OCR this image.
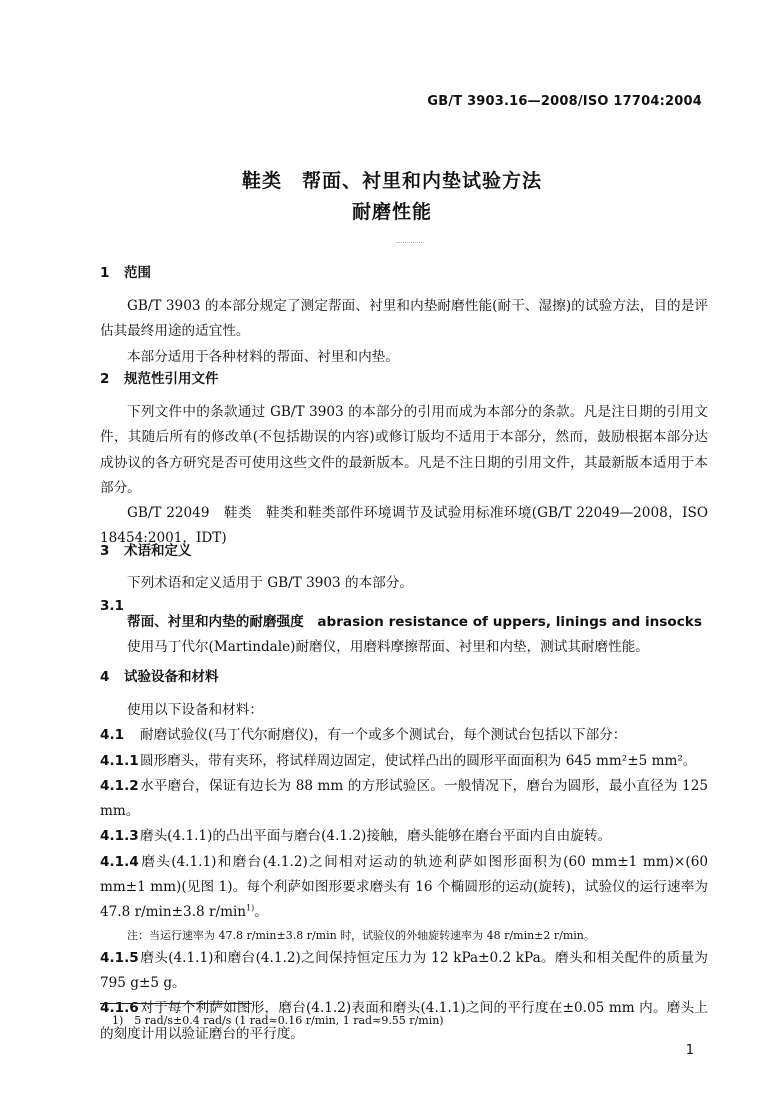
GB/T 3903.16—2008/ISO 17704:2004
鞋类　帮面、衬里和内垫试验方法
耐磨性能
1 范围

GB/T 3903 的本部分规定了测定帮面、衬里和内垫耐磨性能(耐干、湿擦)的试验方法，目的是评估其最终用途的适宜性。

本部分适用于各种材料的帮面、衬里和内垫。

2 规范性引用文件

下列文件中的条款通过 GB/T 3903 的本部分的引用而成为本部分的条款。凡是注日期的引用文件，其随后所有的修改单(不包括勘误的内容)或修订版均不适用于本部分，然而，鼓励根据本部分达成协议的各方研究是否可使用这些文件的最新版本。凡是不注日期的引用文件，其最新版本适用于本部分。

GB/T 22049　鞋类　鞋类和鞋类部件环境调节及试验用标准环境(GB/T 22049—2008，ISO 18454:2001，IDT)

3 术语和定义

下列术语和定义适用于 GB/T 3903 的本部分。

3.1

帮面、衬里和内垫的耐磨强度　 abrasion resistance of uppers, linings and insocks

使用马丁代尔(Martindale)耐磨仪，用磨料摩擦帮面、衬里和内垫，测试其耐磨性能。

4 试验设备和材料

使用以下设备和材料：

4.1 耐磨试验仪(马丁代尔耐磨仪)，有一个或多个测试台，每个测试台包括以下部分：

4.1.1圆形磨头，带有夹环，将试样周边固定，使试样凸出的圆形平面面积为 645 mm²±5 mm²。

4.1.2水平磨台，保证有边长为 88 mm 的方形试验区。一般情况下，磨台为圆形，最小直径为 125 mm。

4.1.3磨头(4.1.1)的凸出平面与磨台(4.1.2)接触，磨头能够在磨台平面内自由旋转。

4.1.4磨头(4.1.1)和磨台(4.1.2)之间相对运动的轨迹利萨如图形面积为(60 mm±1 mm)×(60 mm±1 mm)(见图 1)。每个利萨如图形要求磨头有 16 个椭圆形的运动(旋转)，试验仪的运行速率为 47.8 r/min±3.8 $r/\min^{1)}$。

注：当运行速率为 47.8 r/min±3.8 r/min 时，试验仪的外轴旋转速率为 48 r/min±2 r/min。

4.1.5磨头(4.1.1)和磨台(4.1.2)之间保持恒定压力为 12 kPa±0.2 kPa。磨头和相关配件的质量为 795 g±5 g。

4.1.6对于每个利萨如图形，磨台(4.1.2)表面和磨头(4.1.1)之间的平行度在±0.05 mm 内。磨头上的刻度计用以验证磨台的平行度。

1)　5 rad/s±0.4 rad/s (1 rad≈0.16 r/min, 1 rad≈9.55 r/min)
1
